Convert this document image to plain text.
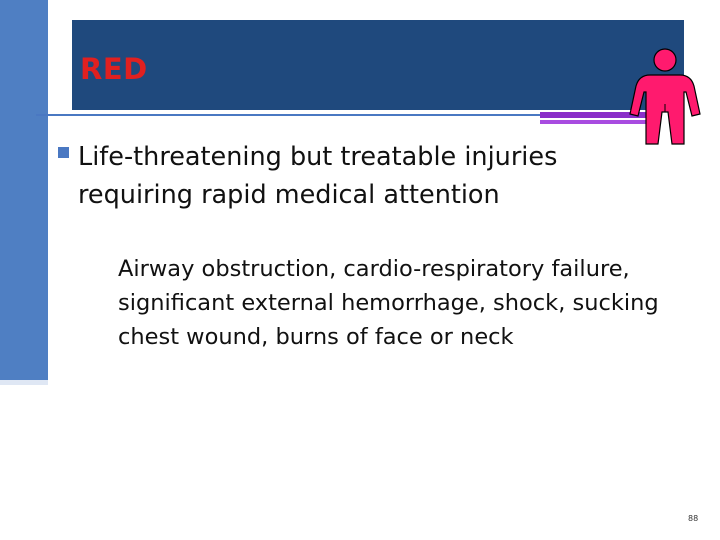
RED
Life-threatening but treatable injuries requiring rapid medical attention
Airway obstruction, cardio-respiratory failure, significant external hemorrhage, shock, sucking chest wound, burns of face or neck
88
